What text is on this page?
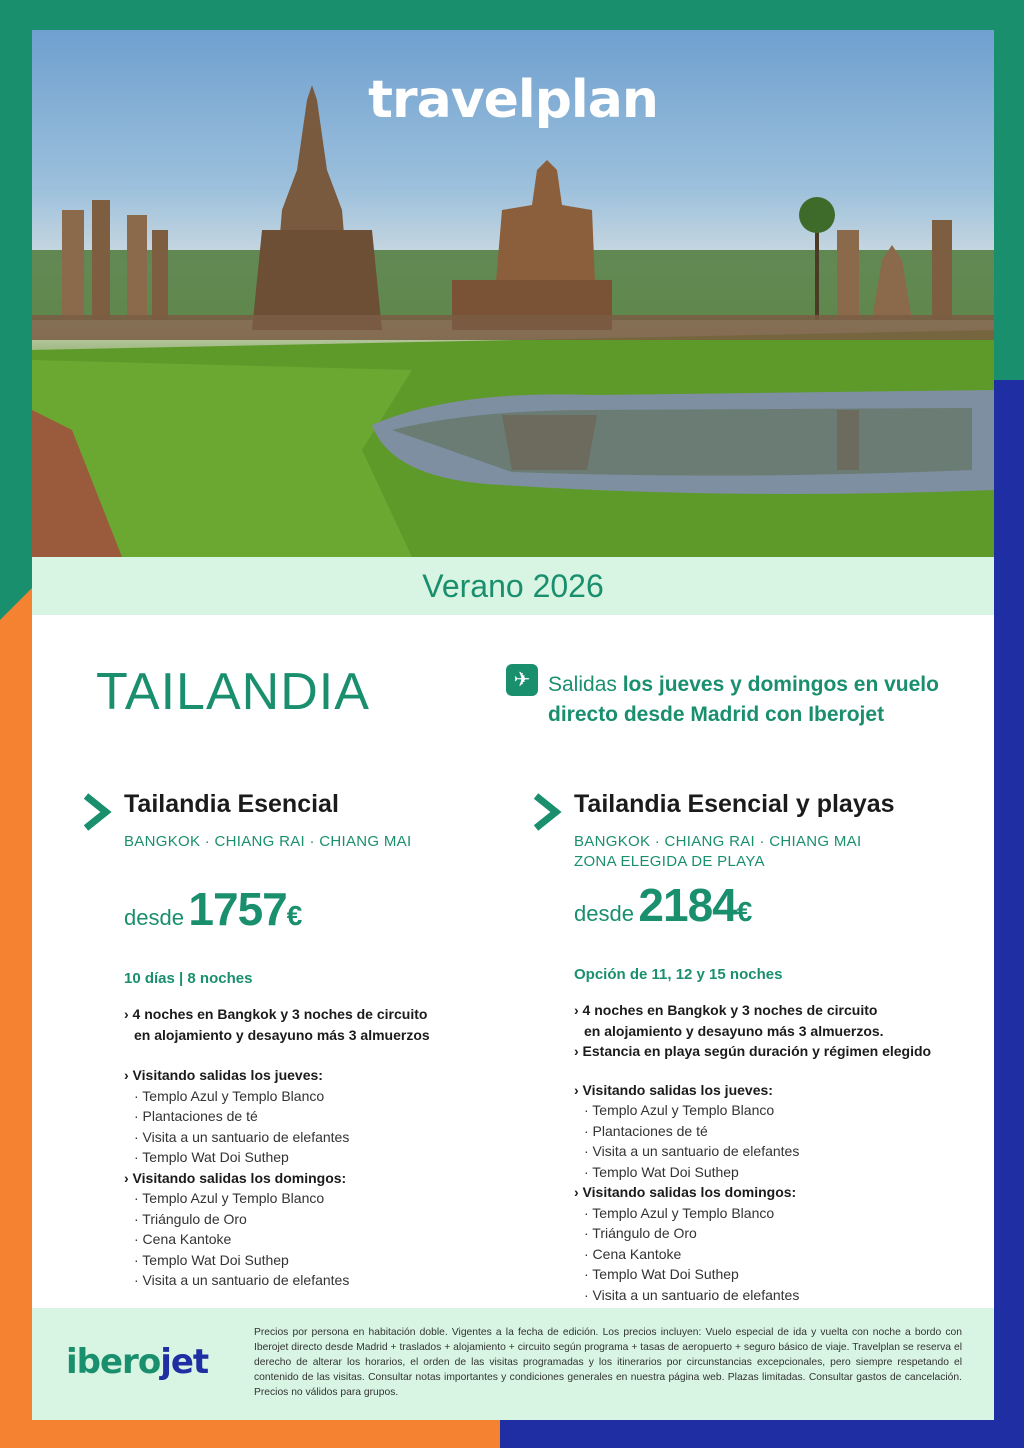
travelplan
Verano 2026
TAILANDIA	✈ Salidas los jueves y domingos en vuelo directo desde Madrid con Iberojet
Tailandia Esencial
BANGKOK · CHIANG RAI · CHIANG MAI
desde 1757€
10 días | 8 noches
› 4 noches en Bangkok y 3 noches de circuito
en alojamiento y desayuno más 3 almuerzos
› Visitando salidas los jueves:
· Templo Azul y Templo Blanco
· Plantaciones de té
· Visita a un santuario de elefantes
· Templo Wat Doi Suthep
› Visitando salidas los domingos:
· Templo Azul y Templo Blanco
· Triángulo de Oro
· Cena Kantoke
· Templo Wat Doi Suthep
· Visita a un santuario de elefantes
Tailandia Esencial y playas
BANGKOK · CHIANG RAI · CHIANG MAI
ZONA ELEGIDA DE PLAYA
desde 2184€
Opción de 11, 12 y 15 noches
› 4 noches en Bangkok y 3 noches de circuito
en alojamiento y desayuno más 3 almuerzos.
› Estancia en playa según duración y régimen elegido
› Visitando salidas los jueves:
· Templo Azul y Templo Blanco
· Plantaciones de té
· Visita a un santuario de elefantes
· Templo Wat Doi Suthep
› Visitando salidas los domingos:
· Templo Azul y Templo Blanco
· Triángulo de Oro
· Cena Kantoke
· Templo Wat Doi Suthep
· Visita a un santuario de elefantes
iberojet
Precios por persona en habitación doble. Vigentes a la fecha de edición. Los precios incluyen: Vuelo especial de ida y vuelta con noche a bordo con Iberojet directo desde Madrid + traslados + alojamiento + circuito según programa + tasas de aeropuerto + seguro básico de viaje. Travelplan se reserva el derecho de alterar los horarios, el orden de las visitas programadas y los itinerarios por circunstancias excepcionales, pero siempre respetando el contenido de las visitas. Consultar notas importantes y condiciones generales en nuestra página web. Plazas limitadas. Consultar gastos de cancelación. Precios no válidos para grupos.
